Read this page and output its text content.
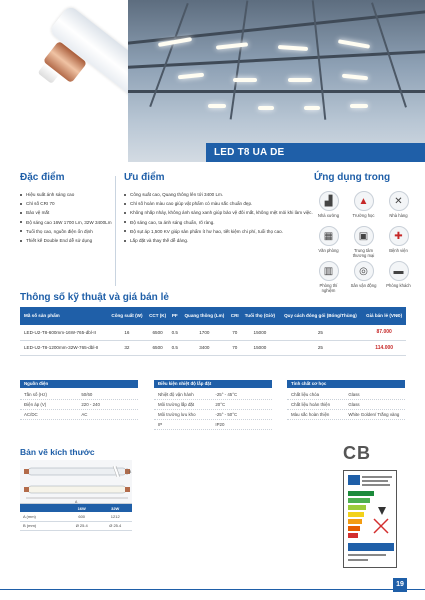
LED T8 UA DE
Đặc điểm
Hiệu suất ánh sáng cao
Chỉ số CRI 70
Bảo vệ mắt
Độ sáng cao 16W 1700 Lm, 32W 3400Lm
Tuổi thọ cao, nguồn điện ổn định
Thiết kế Double End dễ sử dụng
Ưu điểm
Công suất cao, Quang thông lên tới 3400 Lm.
Chỉ số hoàn màu cao giúp vật phẩm có màu sắc chuẩn đẹp.
Không nhấp nháy, không ánh sáng xanh giúp bảo vệ đôi mắt, không mệt mỏi khi làm việc.
Độ sáng cao, ta ánh sáng chuẩn, rõ ràng.
Độ sụt áp 1,500 KV giúp sản phẩm ít hư hao, tiết kiệm chi phí, tuổi thọ cao.
Lắp đặt và thay thế dễ dàng.
Ứng dụng trong
▟
Nhà xưởng
▲
Trường học
✕
Nhà hàng
▦
Văn phòng
▣
Trung tâm thương mại
✚
Bệnh viện
▥
Phòng thí nghiệm
◎
Sân vận động
▬
Phòng khách
Thông số kỹ thuật và giá bán lẻ
Mã số sản phẩm	Công suất (W)	CCT (K)	PF	Quang thông (Lm)	CRI	Tuổi thọ (Giờ)	Quy cách đóng gói (Bóng/Thùng)	Giá bán lẻ (VNĐ)
LED-U2-T8-600mm-16W-765-dbl-II	16	6500	0.5	1700	70	15000	25	87.000
LED-U2-T8-1200mm-32W-765-dbl-II	32	6500	0.5	3400	70	15000	25	114.000
Nguồn điện
Tần số (Hz)	50/60
Điện áp (V)	220 - 240
AC/DC	AC
Điều kiện nhiệt độ lắp đặt
Nhiệt độ vận hành	-25° - 45°C
Môi trường lắp đặt	20°C
Môi trường lưu kho	-25° - 50°C
IP	IP20
Tính chất cơ học
Chất liệu chóa	Glass
Chất liệu hoàn thiện	Glass
Màu sắc hoàn thiện	White Golden/ Trắng vàng
Bản vẽ kích thước
A
B
	16W	32W
A (mm)	600	1212
B (mm)	Ø 25.4	Ø 25.4
CB
19
